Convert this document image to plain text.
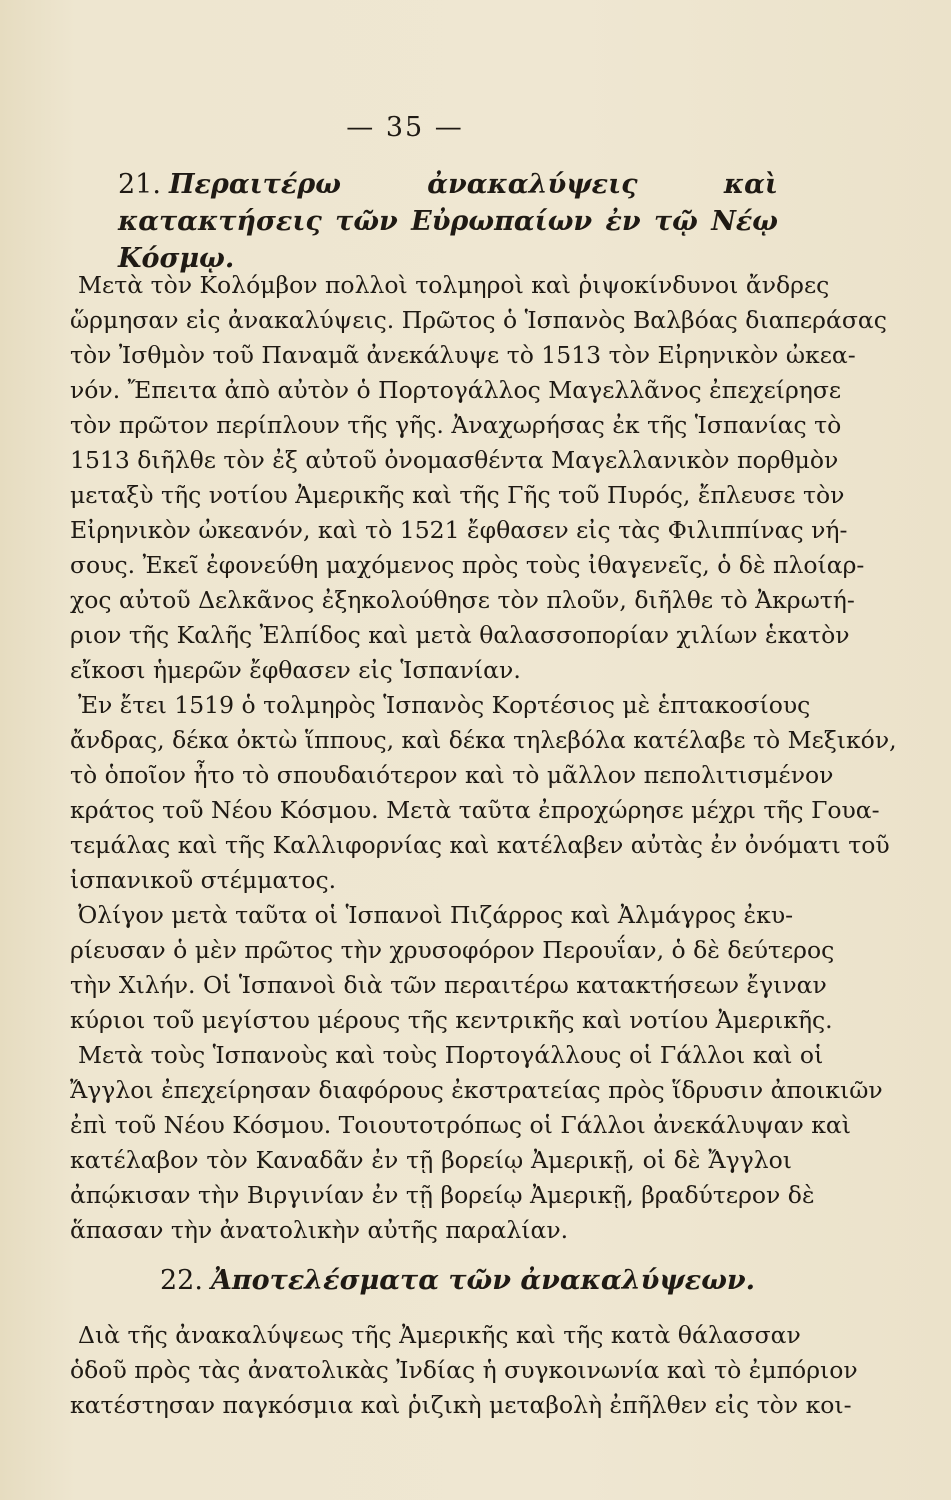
— 35 —
21. Περαιτέρω ἀνακαλύψεις καὶ κατακτήσεις τῶν Εὐρωπαίων ἐν τῷ Νέῳ Κόσμῳ.
Μετὰ τὸν Κολόμβον πολλοὶ τολμηροὶ καὶ ῥιψοκίνδυνοι ἄνδρες
ὥρμησαν εἰς ἀνακαλύψεις. Πρῶτος ὁ Ἱσπανὸς Βαλβόας διαπεράσας
τὸν Ἰσθμὸν τοῦ Παναμᾶ ἀνεκάλυψε τὸ 1513 τὸν Εἰρηνικὸν ὠκεα-
νόν. Ἔπειτα ἀπὸ αὐτὸν ὁ Πορτογάλλος Μαγελλᾶνος ἐπεχείρησε
τὸν πρῶτον περίπλουν τῆς γῆς. Ἀναχωρήσας ἐκ τῆς Ἱσπανίας τὸ
1513 διῆλθε τὸν ἐξ αὐτοῦ ὀνομασθέντα Μαγελλανικὸν πορθμὸν
μεταξὺ τῆς νοτίου Ἀμερικῆς καὶ τῆς Γῆς τοῦ Πυρός, ἔπλευσε τὸν
Εἰρηνικὸν ὠκεανόν, καὶ τὸ 1521 ἔφθασεν εἰς τὰς Φιλιππίνας νή-
σους. Ἐκεῖ ἐφονεύθη μαχόμενος πρὸς τοὺς ἰθαγενεῖς, ὁ δὲ πλοίαρ-
χος αὐτοῦ Δελκᾶνος ἐξηκολούθησε τὸν πλοῦν, διῆλθε τὸ Ἀκρωτή-
ριον τῆς Καλῆς Ἐλπίδος καὶ μετὰ θαλασσοπορίαν χιλίων ἑκατὸν
εἴκοσι ἡμερῶν ἔφθασεν εἰς Ἱσπανίαν.
Ἐν ἔτει 1519 ὁ τολμηρὸς Ἱσπανὸς Κορτέσιος μὲ ἑπτακοσίους
ἄνδρας, δέκα ὀκτὼ ἵππους, καὶ δέκα τηλεβόλα κατέλαβε τὸ Μεξικόν,
τὸ ὁποῖον ἦτο τὸ σπουδαιότερον καὶ τὸ μᾶλλον πεπολιτισμένον
κράτος τοῦ Νέου Κόσμου. Μετὰ ταῦτα ἐπροχώρησε μέχρι τῆς Γουα-
τεμάλας καὶ τῆς Καλλιφορνίας καὶ κατέλαβεν αὐτὰς ἐν ὀνόματι τοῦ
ἱσπανικοῦ στέμματος.
Ὀλίγον μετὰ ταῦτα οἱ Ἱσπανοὶ Πιζάρρος καὶ Ἀλμάγρος ἐκυ-
ρίευσαν ὁ μὲν πρῶτος τὴν χρυσοφόρον Περουΐαν, ὁ δὲ δεύτερος
τὴν Χιλήν. Οἱ Ἱσπανοὶ διὰ τῶν περαιτέρω κατακτήσεων ἔγιναν
κύριοι τοῦ μεγίστου μέρους τῆς κεντρικῆς καὶ νοτίου Ἀμερικῆς.
Μετὰ τοὺς Ἱσπανοὺς καὶ τοὺς Πορτογάλλους οἱ Γάλλοι καὶ οἱ
Ἄγγλοι ἐπεχείρησαν διαφόρους ἐκστρατείας πρὸς ἵδρυσιν ἀποικιῶν
ἐπὶ τοῦ Νέου Κόσμου. Τοιουτοτρόπως οἱ Γάλλοι ἀνεκάλυψαν καὶ
κατέλαβον τὸν Καναδᾶν ἐν τῇ βορείῳ Ἀμερικῇ, οἱ δὲ Ἄγγλοι
ἀπῴκισαν τὴν Βιργινίαν ἐν τῇ βορείῳ Ἀμερικῇ, βραδύτερον δὲ
22. Ἀποτελέσματα τῶν ἀνακαλύψεων.
Διὰ τῆς ἀνακαλύψεως τῆς Ἀμερικῆς καὶ τῆς κατὰ θάλασσαν
ὁδοῦ πρὸς τὰς ἀνατολικὰς Ἰνδίας ἡ συγκοινωνία καὶ τὸ ἐμπόριον
κατέστησαν παγκόσμια καὶ ῥιζικὴ μεταβολὴ ἐπῆλθεν εἰς τὸν κοι-
ἅπασαν τὴν ἀνατολικὴν αὐτῆς παραλίαν.
